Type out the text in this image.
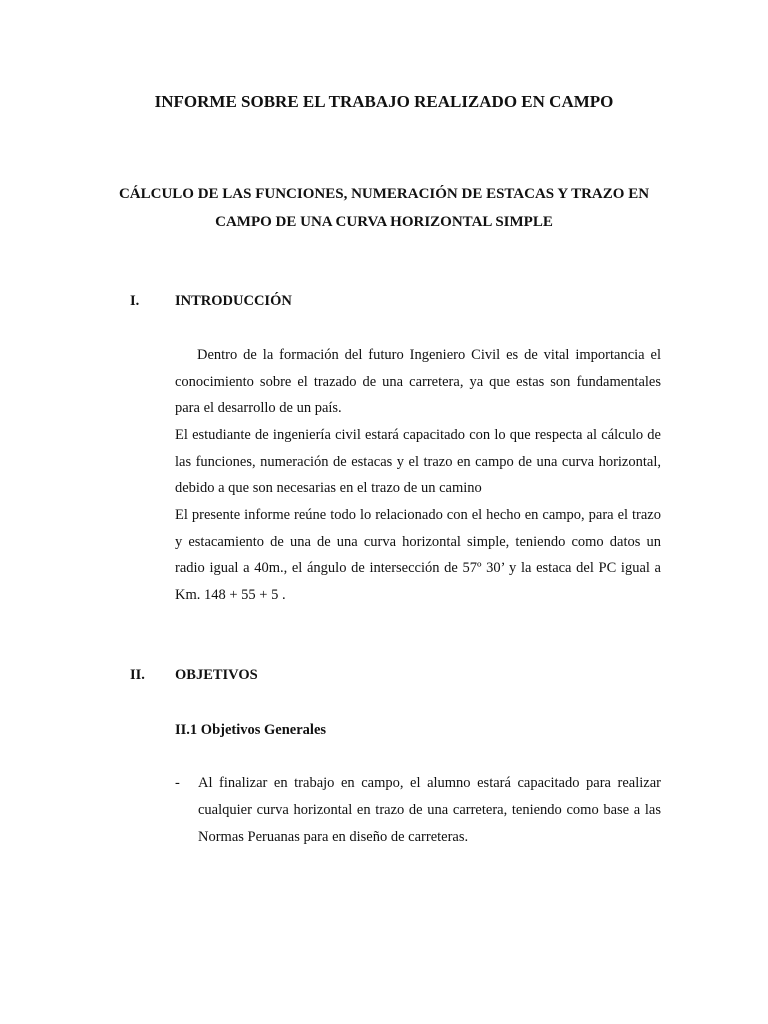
INFORME SOBRE EL TRABAJO REALIZADO EN CAMPO
CÁLCULO DE LAS FUNCIONES, NUMERACIÓN DE ESTACAS Y TRAZO EN CAMPO DE UNA CURVA HORIZONTAL SIMPLE
I. INTRODUCCIÓN

Dentro de la formación del futuro Ingeniero Civil es de vital importancia el conocimiento sobre el trazado de una carretera, ya que estas son fundamentales para el desarrollo de un país.

El estudiante de ingeniería civil estará capacitado con lo que respecta al cálculo de las funciones, numeración de estacas y el trazo en campo de una curva horizontal, debido a que son necesarias en el trazo de un camino

El presente informe reúne todo lo relacionado con el hecho en campo, para el trazo y estacamiento de una de una curva horizontal simple, teniendo como datos un radio igual a 40m., el ángulo de intersección de 57º 30’ y la estaca del PC igual a Km. 148 + 55 + 5 .

II. OBJETIVOS
II.1 Objetivos Generales
- Al finalizar en trabajo en campo, el alumno estará capacitado para realizar cualquier curva horizontal en trazo de una carretera, teniendo como base a las Normas Peruanas para en diseño de carreteras.
